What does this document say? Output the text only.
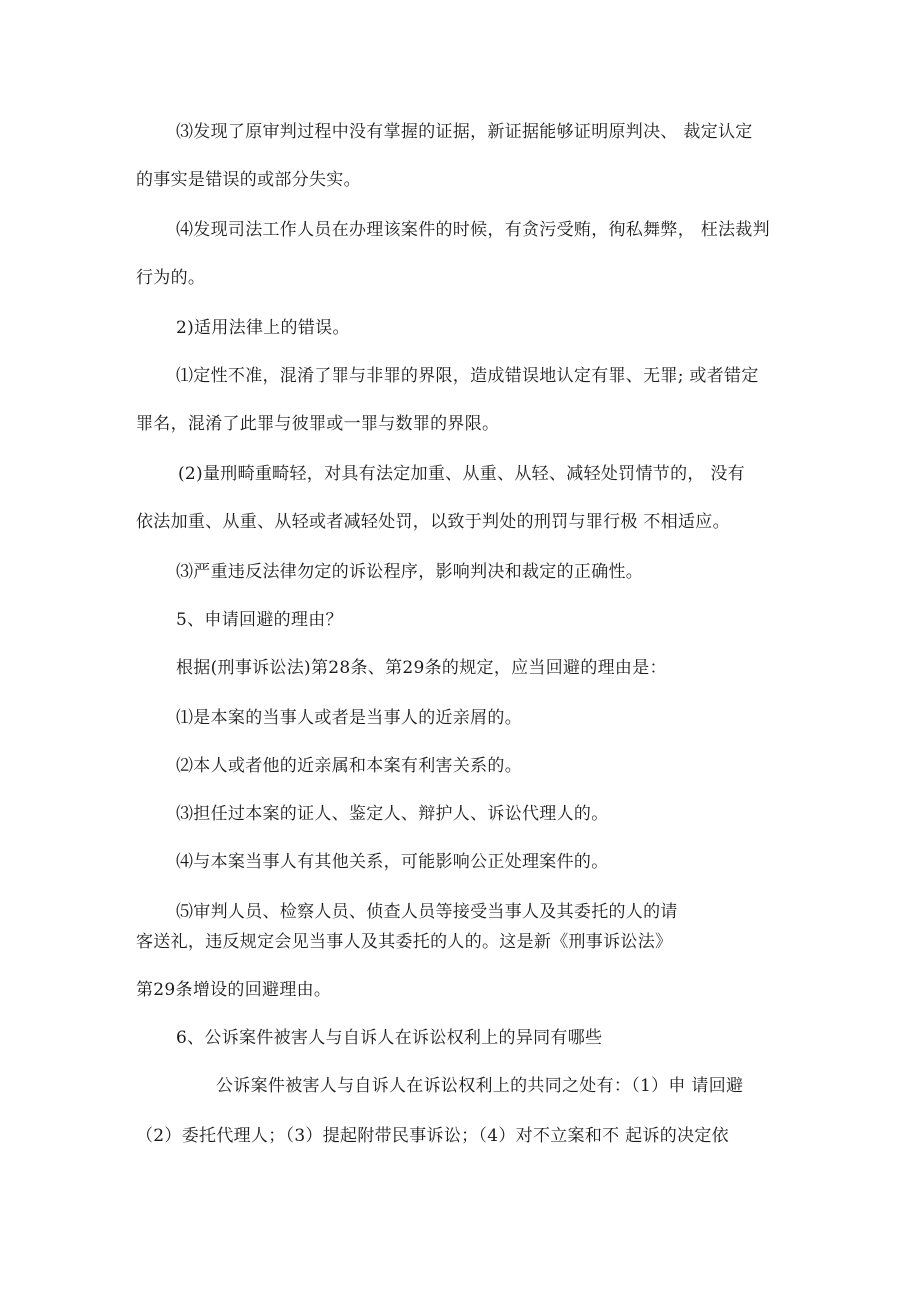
⑶发现了原审判过程中没有掌握的证据，新证据能够证明原判决、 裁定认定
的事实是错误的或部分失实。
⑷发现司法工作人员在办理该案件的时候，有贪污受贿，徇私舞弊， 枉法裁判
行为的。
2)适用法律上的错误。
⑴定性不准，混淆了罪与非罪的界限，造成错误地认定有罪、无罪; 或者错定
罪名，混淆了此罪与彼罪或一罪与数罪的界限。
(2)量刑畸重畸轻，对具有法定加重、从重、从轻、减轻处罚情节的， 没有
依法加重、从重、从轻或者减轻处罚，以致于判处的刑罚与罪行极 不相适应。
⑶严重违反法律勿定的诉讼程序，影响判决和裁定的正确性。
5、申请回避的理由？
根据(刑事诉讼法)第28条、第29条的规定，应当回避的理由是：
⑴是本案的当事人或者是当事人的近亲屑的。
⑵本人或者他的近亲属和本案有利害关系的。
⑶担任过本案的证人、鉴定人、辩护人、诉讼代理人的。
⑷与本案当事人有其他关系，可能影响公正处理案件的。
⑸审判人员、检察人员、侦查人员等接受当事人及其委托的人的请
客送礼，违反规定会见当事人及其委托的人的。这是新《刑事诉讼法》
第29条增设的回避理由。
6、公诉案件被害人与自诉人在诉讼权利上的异同有哪些
公诉案件被害人与自诉人在诉讼权利上的共同之处有：（1）申 请回避
（2）委托代理人；（3）提起附带民事诉讼；（4）对不立案和不 起诉的决定依
